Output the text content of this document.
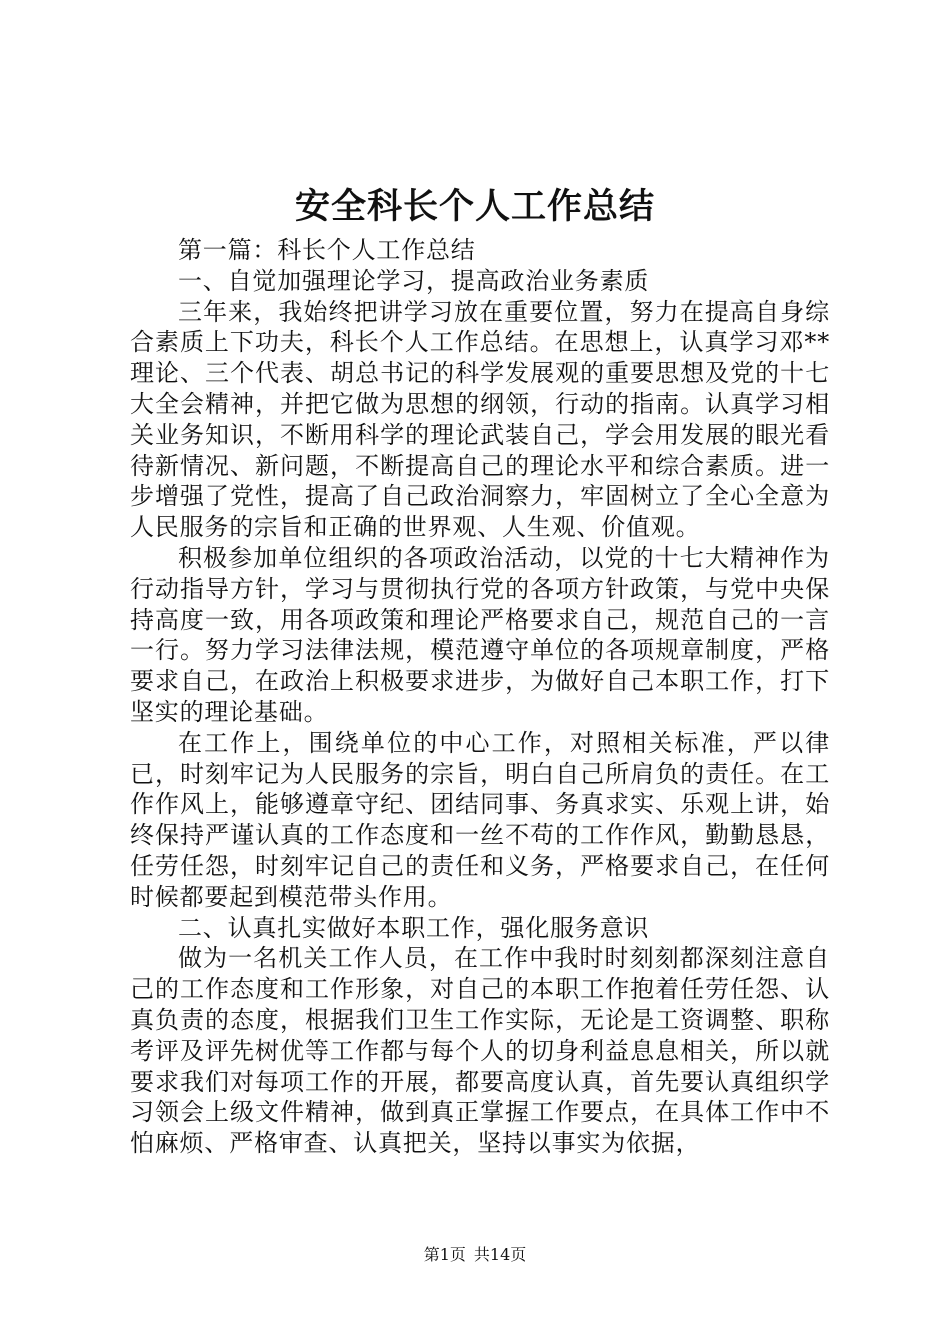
安全科长个人工作总结

第一篇：科长个人工作总结

一、自觉加强理论学习，提高政治业务素质

三年来，我始终把讲学习放在重要位置，努力在提高自身综合素质上下功夫，科长个人工作总结。在思想上，认真学习邓**理论、三个代表、胡总书记的科学发展观的重要思想及党的十七大全会精神，并把它做为思想的纲领，行动的指南。认真学习相关业务知识，不断用科学的理论武装自己，学会用发展的眼光看待新情况、新问题，不断提高自己的理论水平和综合素质。进一步增强了党性，提高了自己政治洞察力，牢固树立了全心全意为人民服务的宗旨和正确的世界观、人生观、价值观。

积极参加单位组织的各项政治活动，以党的十七大精神作为行动指导方针，学习与贯彻执行党的各项方针政策，与党中央保持高度一致，用各项政策和理论严格要求自己，规范自己的一言一行。努力学习法律法规，模范遵守单位的各项规章制度，严格要求自己，在政治上积极要求进步，为做好自己本职工作，打下坚实的理论基础。

在工作上，围绕单位的中心工作，对照相关标准，严以律已，时刻牢记为人民服务的宗旨，明白自己所肩负的责任。在工作作风上，能够遵章守纪、团结同事、务真求实、乐观上讲，始终保持严谨认真的工作态度和一丝不苟的工作作风，勤勤恳恳，任劳任怨，时刻牢记自己的责任和义务，严格要求自己，在任何时候都要起到模范带头作用。

二、认真扎实做好本职工作，强化服务意识

做为一名机关工作人员，在工作中我时时刻刻都深刻注意自己的工作态度和工作形象，对自己的本职工作抱着任劳任怨、认真负责的态度，根据我们卫生工作实际，无论是工资调整、职称考评及评先树优等工作都与每个人的切身利益息息相关，所以就要求我们对每项工作的开展，都要高度认真，首先要认真组织学习领会上级文件精神，做到真正掌握工作要点，在具体工作中不怕麻烦、严格审查、认真把关，坚持以事实为依据，

第1页 共14页
